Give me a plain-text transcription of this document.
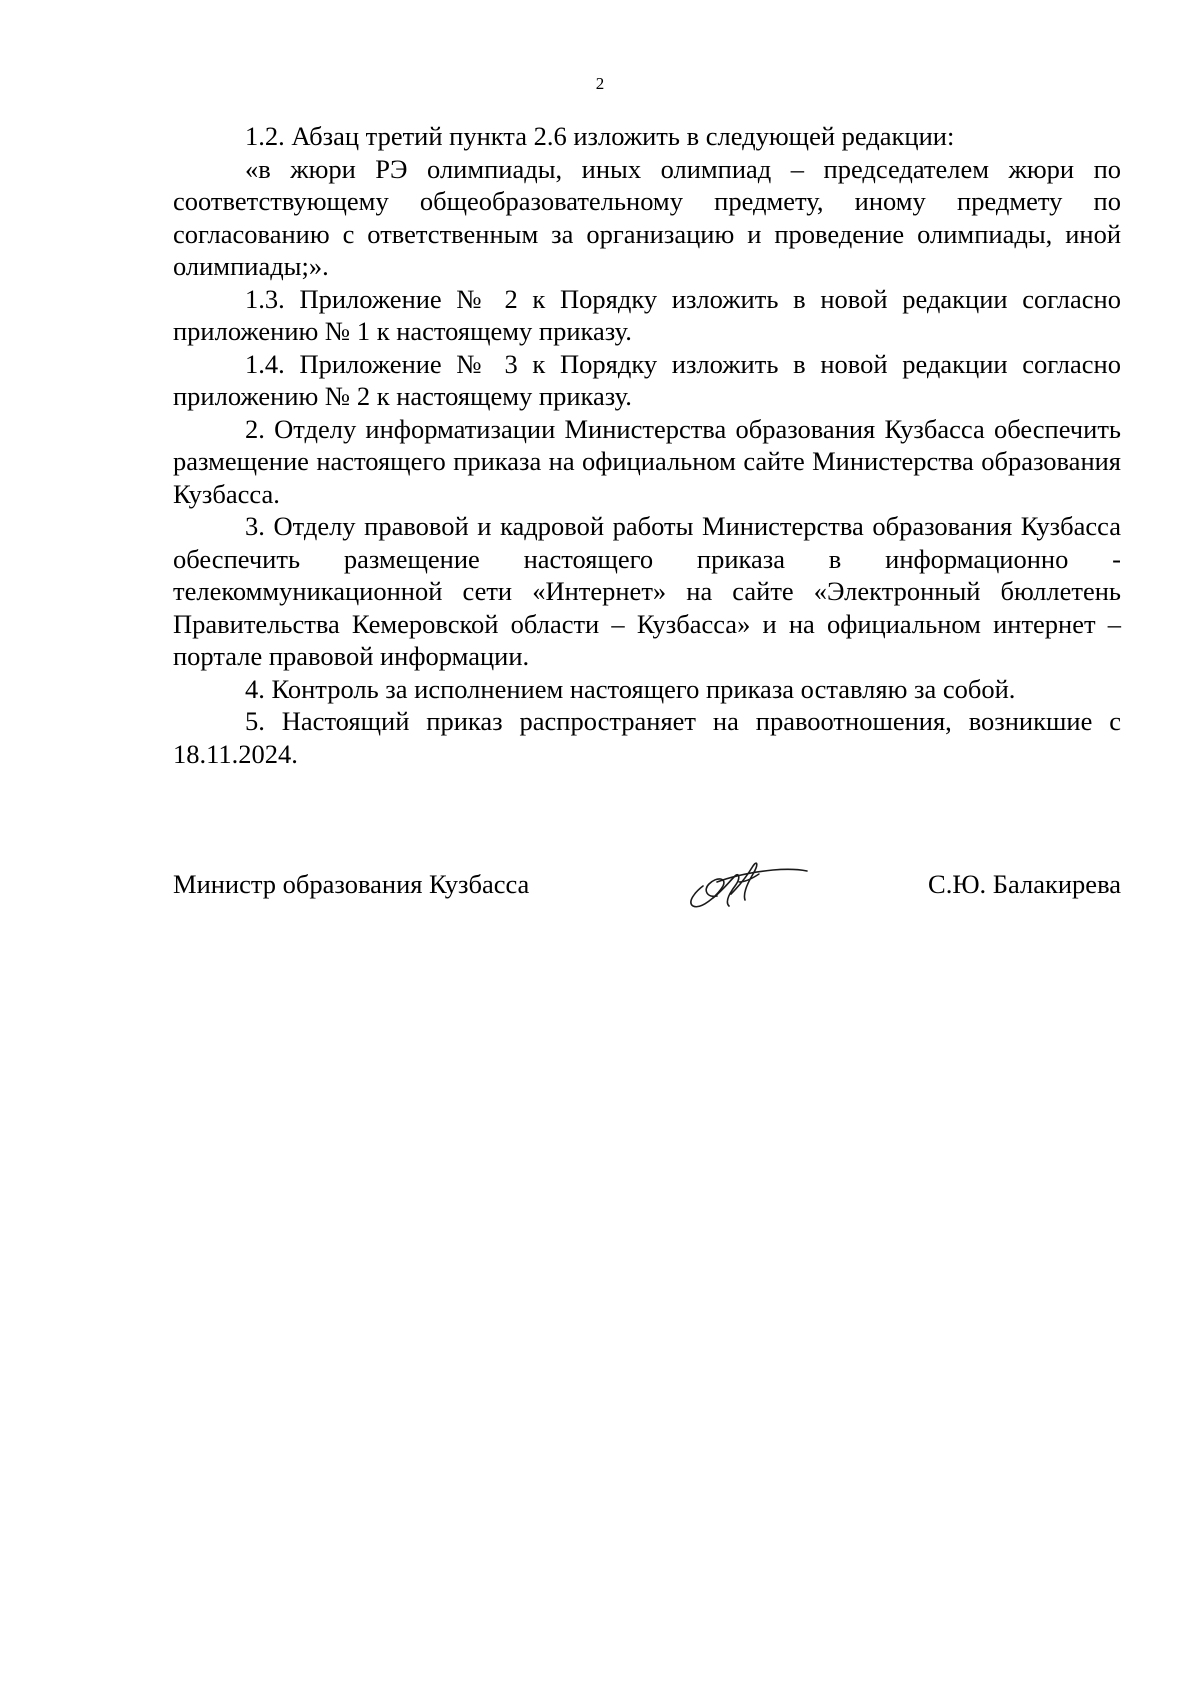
2

1.2. Абзац третий пункта 2.6 изложить в следующей редакции:

«в жюри РЭ олимпиады, иных олимпиад – председателем жюри по соответствующему общеобразовательному предмету, иному предмету по согласованию с ответственным за организацию и проведение олимпиады, иной олимпиады;».

1.3. Приложение № 2 к Порядку изложить в новой редакции согласно приложению № 1 к настоящему приказу.

1.4. Приложение № 3 к Порядку изложить в новой редакции согласно приложению № 2 к настоящему приказу.

2. Отделу информатизации Министерства образования Кузбасса обеспечить размещение настоящего приказа на официальном сайте Министерства образования Кузбасса.

3. Отделу правовой и кадровой работы Министерства образования Кузбасса обеспечить размещение настоящего приказа в информационно - телекоммуникационной сети «Интернет» на сайте «Электронный бюллетень Правительства Кемеровской области – Кузбасса» и на официальном интернет – портале правовой информации.

4. Контроль за исполнением настоящего приказа оставляю за собой.

5. Настоящий приказ распространяет на правоотношения, возникшие с 18.11.2024.

Министр образования Кузбасса	С.Ю. Балакирева
